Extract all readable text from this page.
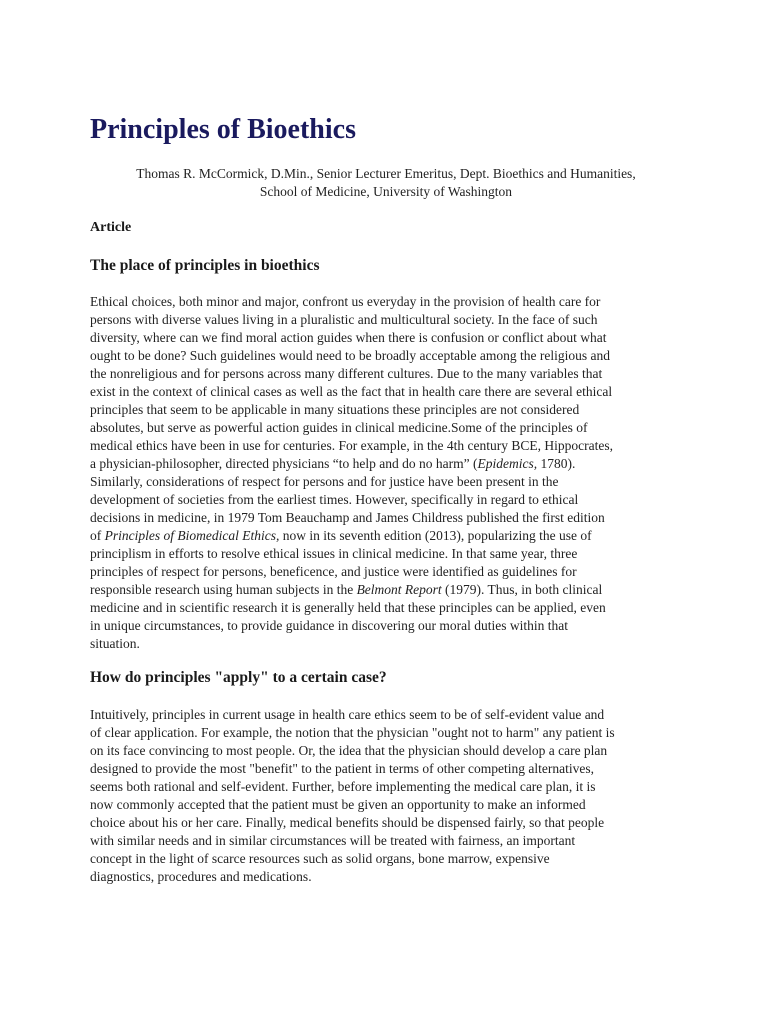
Principles of Bioethics
Thomas R. McCormick, D.Min., Senior Lecturer Emeritus, Dept. Bioethics and Humanities,
School of Medicine, University of Washington
Article
The place of principles in bioethics
Ethical choices, both minor and major, confront us everyday in the provision of health care for
persons with diverse values living in a pluralistic and multicultural society. In the face of such
diversity, where can we find moral action guides when there is confusion or conflict about what
ought to be done? Such guidelines would need to be broadly acceptable among the religious and
the nonreligious and for persons across many different cultures. Due to the many variables that
exist in the context of clinical cases as well as the fact that in health care there are several ethical
principles that seem to be applicable in many situations these principles are not considered
absolutes, but serve as powerful action guides in clinical medicine.Some of the principles of
medical ethics have been in use for centuries. For example, in the 4th century BCE, Hippocrates,
a physician-philosopher, directed physicians “to help and do no harm” (Epidemics, 1780).
Similarly, considerations of respect for persons and for justice have been present in the
development of societies from the earliest times. However, specifically in regard to ethical
decisions in medicine, in 1979 Tom Beauchamp and James Childress published the first edition
of Principles of Biomedical Ethics, now in its seventh edition (2013), popularizing the use of
principlism in efforts to resolve ethical issues in clinical medicine. In that same year, three
principles of respect for persons, beneficence, and justice were identified as guidelines for
responsible research using human subjects in the Belmont Report (1979). Thus, in both clinical
medicine and in scientific research it is generally held that these principles can be applied, even
in unique circumstances, to provide guidance in discovering our moral duties within that
situation.
How do principles "apply" to a certain case?
Intuitively, principles in current usage in health care ethics seem to be of self-evident value and
of clear application. For example, the notion that the physician "ought not to harm" any patient is
on its face convincing to most people. Or, the idea that the physician should develop a care plan
designed to provide the most "benefit" to the patient in terms of other competing alternatives,
seems both rational and self-evident. Further, before implementing the medical care plan, it is
now commonly accepted that the patient must be given an opportunity to make an informed
choice about his or her care. Finally, medical benefits should be dispensed fairly, so that people
with similar needs and in similar circumstances will be treated with fairness, an important
concept in the light of scarce resources such as solid organs, bone marrow, expensive
diagnostics, procedures and medications.
